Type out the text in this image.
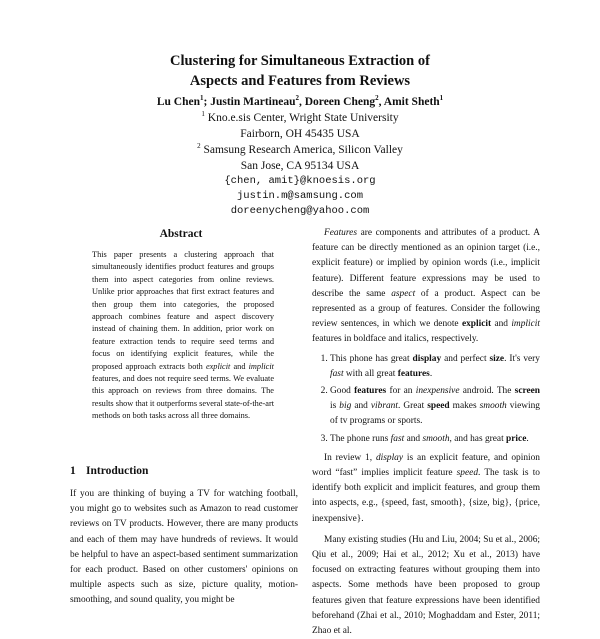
Clustering for Simultaneous Extraction of
Aspects and Features from Reviews
Lu Chen$^1$; Justin Martineau$^2$, Doreen Cheng$^2$, Amit Sheth$^1$
$^1$ Kno.e.sis Center, Wright State University
Fairborn, OH 45435 USA
$^2$ Samsung Research America, Silicon Valley
San Jose, CA 95134 USA
{chen, amit}@knoesis.org
justin.m@samsung.com
doreenycheng@yahoo.com
Abstract
This paper presents a clustering approach that simultaneously identifies product features and groups them into aspect categories from online reviews. Unlike prior approaches that first extract features and then group them into categories, the proposed approach combines feature and aspect discovery instead of chaining them. In addition, prior work on feature extraction tends to require seed terms and focus on identifying explicit features, while the proposed approach extracts both explicit and implicit features, and does not require seed terms. We evaluate this approach on reviews from three domains. The results show that it outperforms several state-of-the-art methods on both tasks across all three domains.
1 Introduction
If you are thinking of buying a TV for watching football, you might go to websites such as Amazon to read customer reviews on TV products. However, there are many products and each of them may have hundreds of reviews. It would be helpful to have an aspect-based sentiment summarization for each product. Based on other customers' opinions on multiple aspects such as size, picture quality, motion-smoothing, and sound quality, you might be

Features are components and attributes of a product. A feature can be directly mentioned as an opinion target (i.e., explicit feature) or implied by opinion words (i.e., implicit feature). Different feature expressions may be used to describe the same aspect of a product. Aspect can be represented as a group of features. Consider the following review sentences, in which we denote explicit and implicit features in boldface and italics, respectively.

1. This phone has great display and perfect size. It's very fast with all great features.
2. Good features for an inexpensive android. The screen is big and vibrant. Great speed makes smooth viewing of tv programs or sports.
3. The phone runs fast and smooth, and has great price.

In review 1, display is an explicit feature, and opinion word “fast” implies implicit feature speed. The task is to identify both explicit and implicit features, and group them into aspects, e.g., {speed, fast, smooth}, {size, big}, {price, inexpensive}.

Many existing studies (Hu and Liu, 2004; Su et al., 2006; Qiu et al., 2009; Hai et al., 2012; Xu et al., 2013) have focused on extracting features without grouping them into aspects. Some methods have been proposed to group features given that feature expressions have been identified beforehand (Zhai et al., 2010; Moghaddam and Ester, 2011; Zhao et al.
